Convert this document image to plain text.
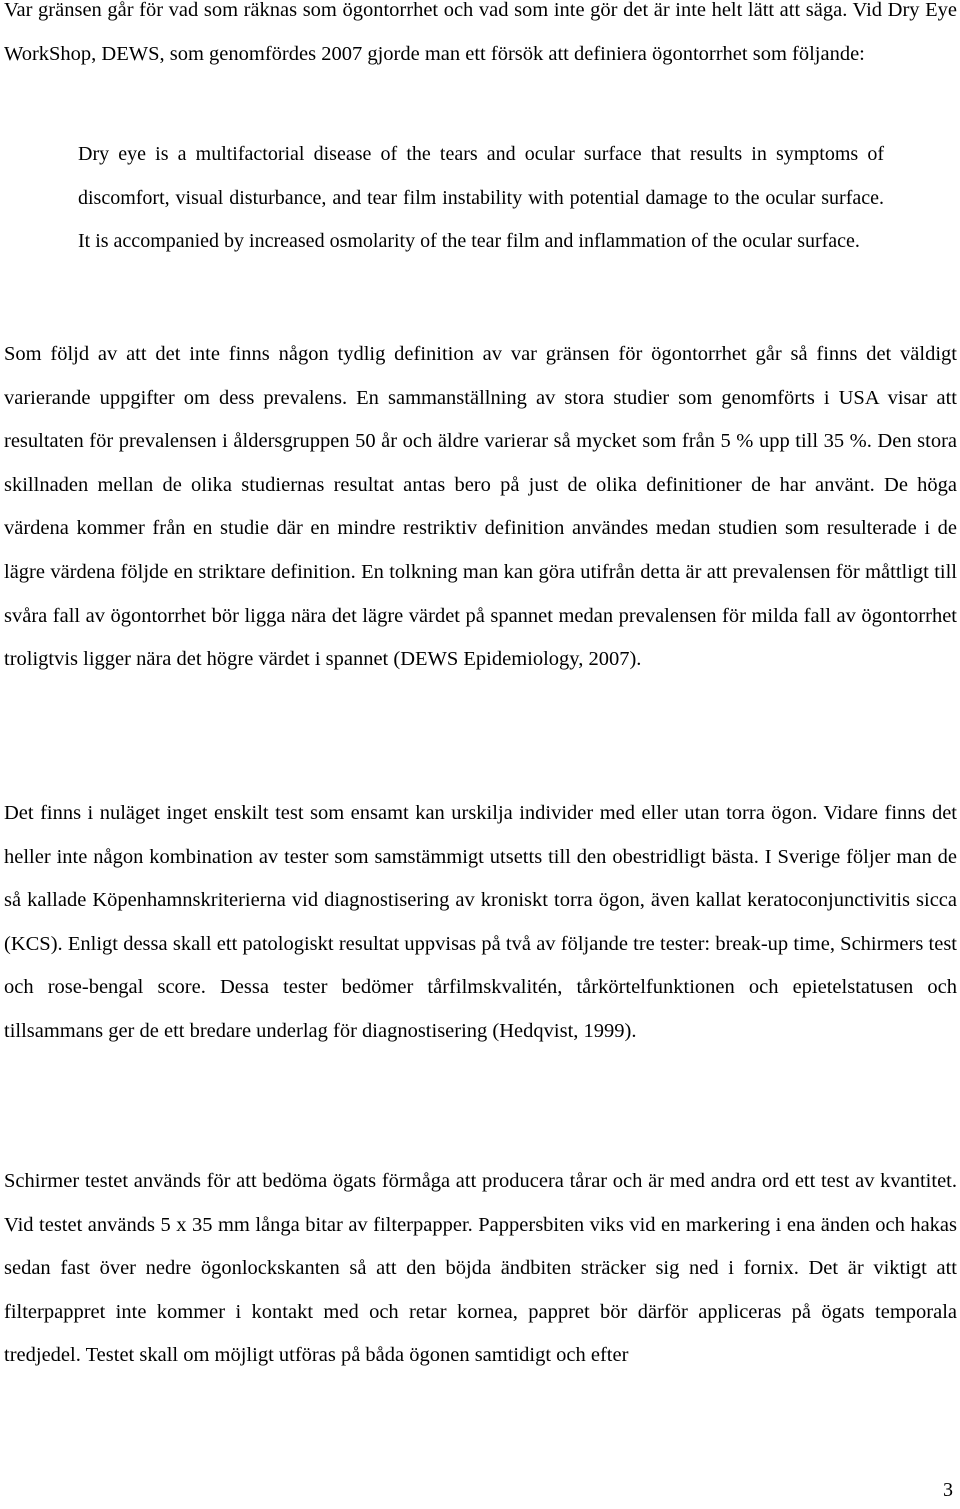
Var gränsen går för vad som räknas som ögontorrhet och vad som inte gör det är inte helt lätt att säga. Vid Dry Eye WorkShop, DEWS, som genomfördes 2007 gjorde man ett försök att definiera ögontorrhet som följande:

Dry eye is a multifactorial disease of the tears and ocular surface that results in symptoms of discomfort, visual disturbance, and tear film instability with potential damage to the ocular surface. It is accompanied by increased osmolarity of the tear film and inflammation of the ocular surface.

Som följd av att det inte finns någon tydlig definition av var gränsen för ögontorrhet går så finns det väldigt varierande uppgifter om dess prevalens. En sammanställning av stora studier som genomförts i USA visar att resultaten för prevalensen i åldersgruppen 50 år och äldre varierar så mycket som från 5 % upp till 35 %. Den stora skillnaden mellan de olika studiernas resultat antas bero på just de olika definitioner de har använt. De höga värdena kommer från en studie där en mindre restriktiv definition användes medan studien som resulterade i de lägre värdena följde en striktare definition. En tolkning man kan göra utifrån detta är att prevalensen för måttligt till svåra fall av ögontorrhet bör ligga nära det lägre värdet på spannet medan prevalensen för milda fall av ögontorrhet troligtvis ligger nära det högre värdet i spannet (DEWS Epidemiology, 2007).

Det finns i nuläget inget enskilt test som ensamt kan urskilja individer med eller utan torra ögon. Vidare finns det heller inte någon kombination av tester som samstämmigt utsetts till den obestridligt bästa. I Sverige följer man de så kallade Köpenhamnskriterierna vid diagnostisering av kroniskt torra ögon, även kallat keratoconjunctivitis sicca (KCS). Enligt dessa skall ett patologiskt resultat uppvisas på två av följande tre tester: break-up time, Schirmers test och rose-bengal score. Dessa tester bedömer tårfilmskvalitén, tårkörtelfunktionen och epietelstatusen och tillsammans ger de ett bredare underlag för diagnostisering (Hedqvist, 1999).

Schirmer testet används för att bedöma ögats förmåga att producera tårar och är med andra ord ett test av kvantitet. Vid testet används 5 x 35 mm långa bitar av filterpapper. Pappersbiten viks vid en markering i ena änden och hakas sedan fast över nedre ögonlockskanten så att den böjda ändbiten sträcker sig ned i fornix. Det är viktigt att filterpappret inte kommer i kontakt med och retar kornea, pappret bör därför appliceras på ögats temporala tredjedel. Testet skall om möjligt utföras på båda ögonen samtidigt och efter

3
